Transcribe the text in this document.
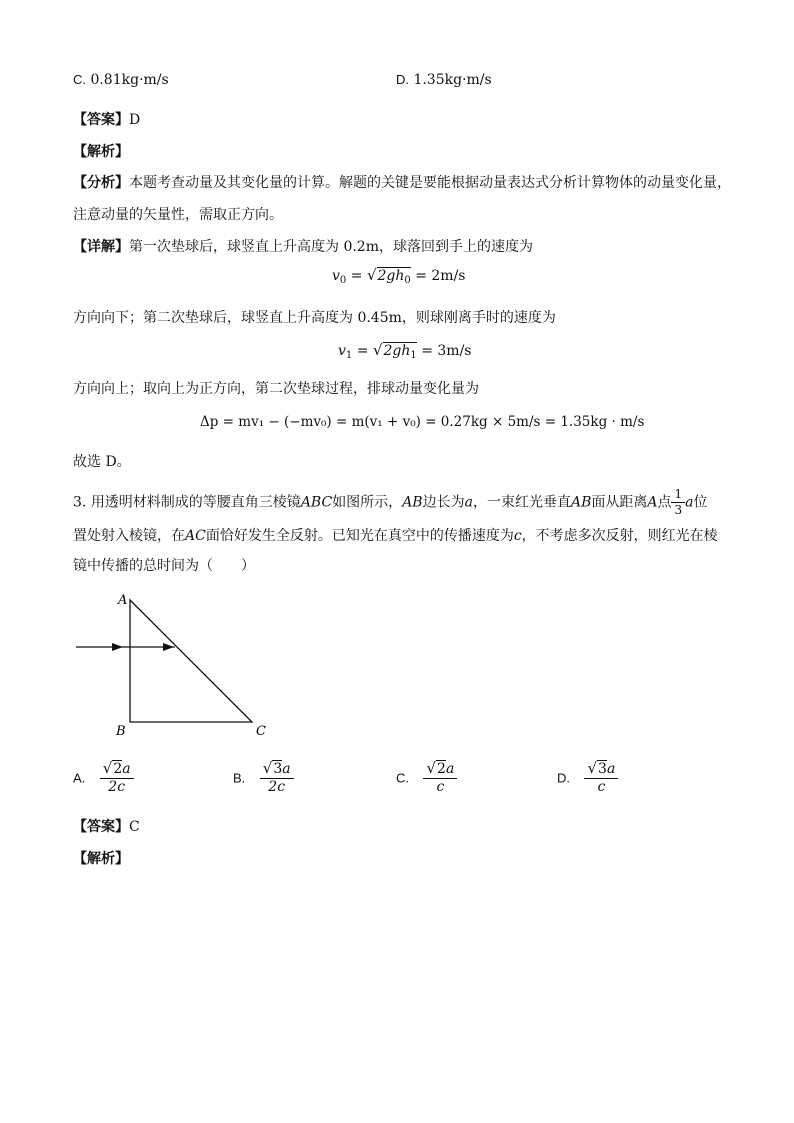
C. 0.81kg·m/s	D. 1.35kg·m/s
【答案】D
【解析】
【分析】本题考查动量及其变化量的计算。解题的关键是要能根据动量表达式分析计算物体的动量变化量，
注意动量的矢量性，需取正方向。
【详解】第一次垫球后，球竖直上升高度为 0.2m，球落回到手上的速度为
$v_0 = √2gh_0 = 2m/s$
方向向下；第二次垫球后，球竖直上升高度为 0.45m，则球刚离手时的速度为
$v_1 = √2gh_1 = 3m/s$
方向向上；取向上为正方向，第二次垫球过程，排球动量变化量为
Δp = mv₁ − (−mv₀) = m(v₁ + v₀) = 0.27kg × 5m/s = 1.35kg · m/s
故选 D。
3. 用透明材料制成的等腰直角三棱镜ABC如图所示，AB边长为a，一束红光垂直AB面从距离A点 $\frac{1}{3}$ a位
置处射入棱镜，在AC面恰好发生全反射。已知光在真空中的传播速度为c，不考虑多次反射，则红光在棱
镜中传播的总时间为（　　）
A
B	C
A. $\frac{√2a}{2c}$	B. $\frac{√3a}{2c}$	C. $\frac{√2a}{c}$	D. $\frac{√3a}{c}$
【答案】C
【解析】
